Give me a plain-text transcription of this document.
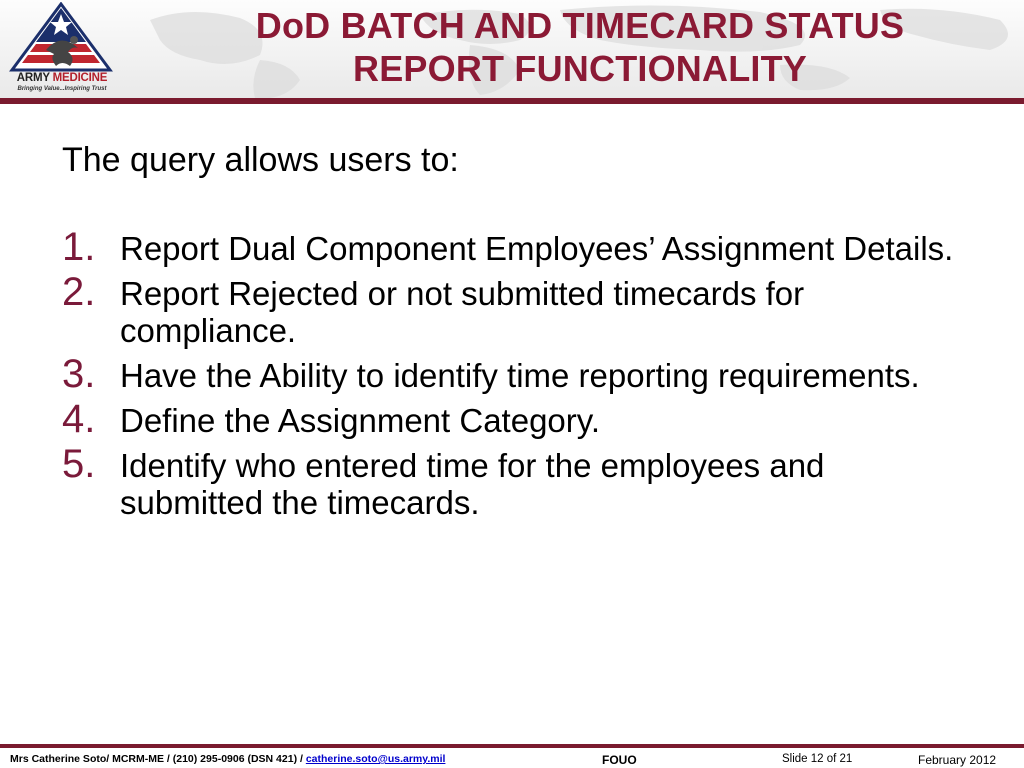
ARMY MEDICINE
Bringing Value...Inspiring Trust
DoD BATCH AND TIMECARD STATUS
REPORT FUNCTIONALITY
The query allows users to:
1. Report Dual Component Employees’ Assignment Details.
2. Report Rejected or not submitted timecards for compliance.
3. Have the Ability to identify time reporting requirements.
4. Define the Assignment Category.
5. Identify who entered time for the employees and submitted the timecards.
Mrs Catherine Soto/ MCRM-ME / (210) 295-0906 (DSN 421) / catherine.soto@us.army.mil	FOUO	Slide 12 of 21	February 2012
